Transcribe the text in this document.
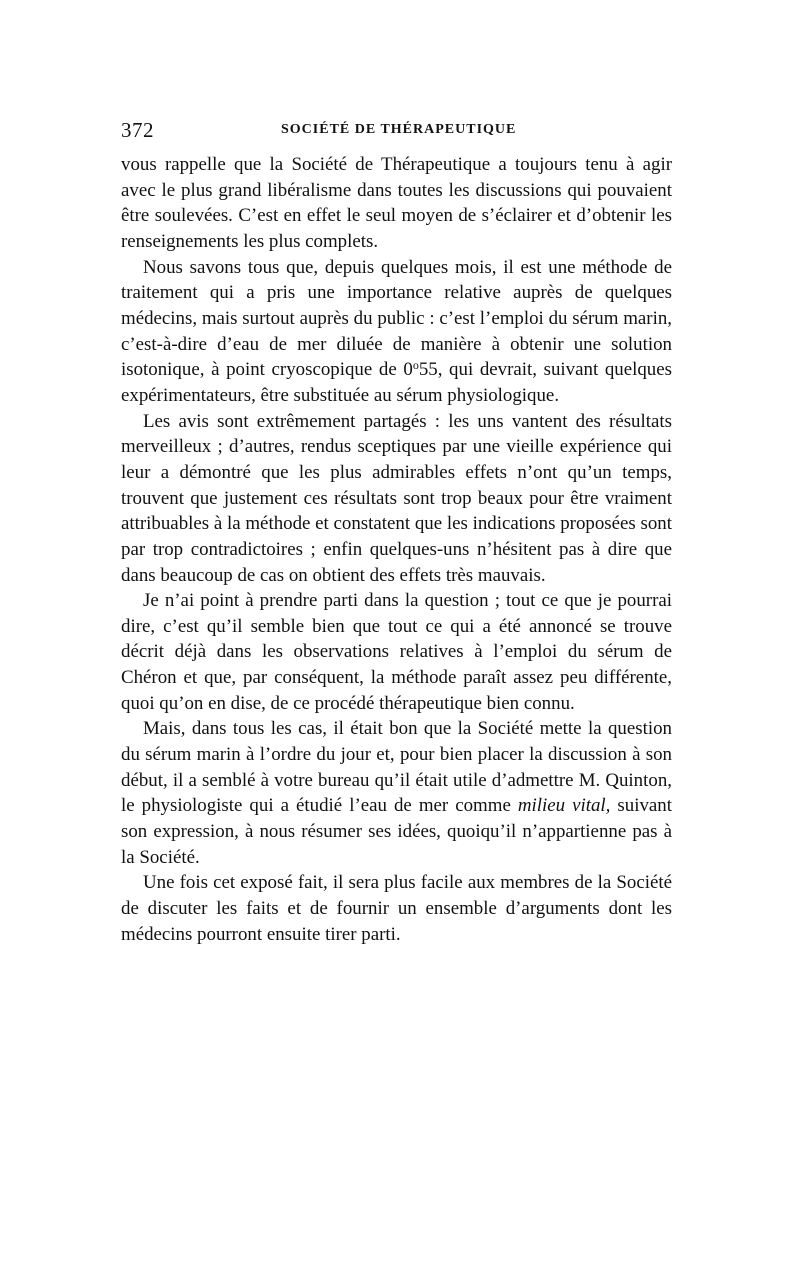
372	SOCIÉTÉ DE THÉRAPEUTIQUE

vous rappelle que la Société de Thérapeutique a toujours tenu à agir avec le plus grand libéralisme dans toutes les discussions qui pouvaient être soulevées. C’est en effet le seul moyen de s’éclairer et d’obtenir les renseignements les plus complets.

Nous savons tous que, depuis quelques mois, il est une méthode de traitement qui a pris une importance relative auprès de quelques médecins, mais surtout auprès du public : c’est l’emploi du sérum marin, c’est-à-dire d’eau de mer diluée de manière à obtenir une solution isotonique, à point cryoscopique de 0$^o$55, qui devrait, suivant quelques expérimentateurs, être substituée au sérum physiologique.

Les avis sont extrêmement partagés : les uns vantent des résultats merveilleux ; d’autres, rendus sceptiques par une vieille expérience qui leur a démontré que les plus admirables effets n’ont qu’un temps, trouvent que justement ces résultats sont trop beaux pour être vraiment attribuables à la méthode et constatent que les indications proposées sont par trop contradictoires ; enfin quelques-uns n’hésitent pas à dire que dans beaucoup de cas on obtient des effets très mauvais.

Je n’ai point à prendre parti dans la question ; tout ce que je pourrai dire, c’est qu’il semble bien que tout ce qui a été annoncé se trouve décrit déjà dans les observations relatives à l’emploi du sérum de Chéron et que, par conséquent, la méthode paraît assez peu différente, quoi qu’on en dise, de ce procédé thérapeutique bien connu.

Mais, dans tous les cas, il était bon que la Société mette la question du sérum marin à l’ordre du jour et, pour bien placer la discussion à son début, il a semblé à votre bureau qu’il était utile d’admettre M. Quinton, le physiologiste qui a étudié l’eau de mer comme milieu vital, suivant son expression, à nous résumer ses idées, quoiqu’il n’appartienne pas à la Société.

Une fois cet exposé fait, il sera plus facile aux membres de la Société de discuter les faits et de fournir un ensemble d’arguments dont les médecins pourront ensuite tirer parti.
